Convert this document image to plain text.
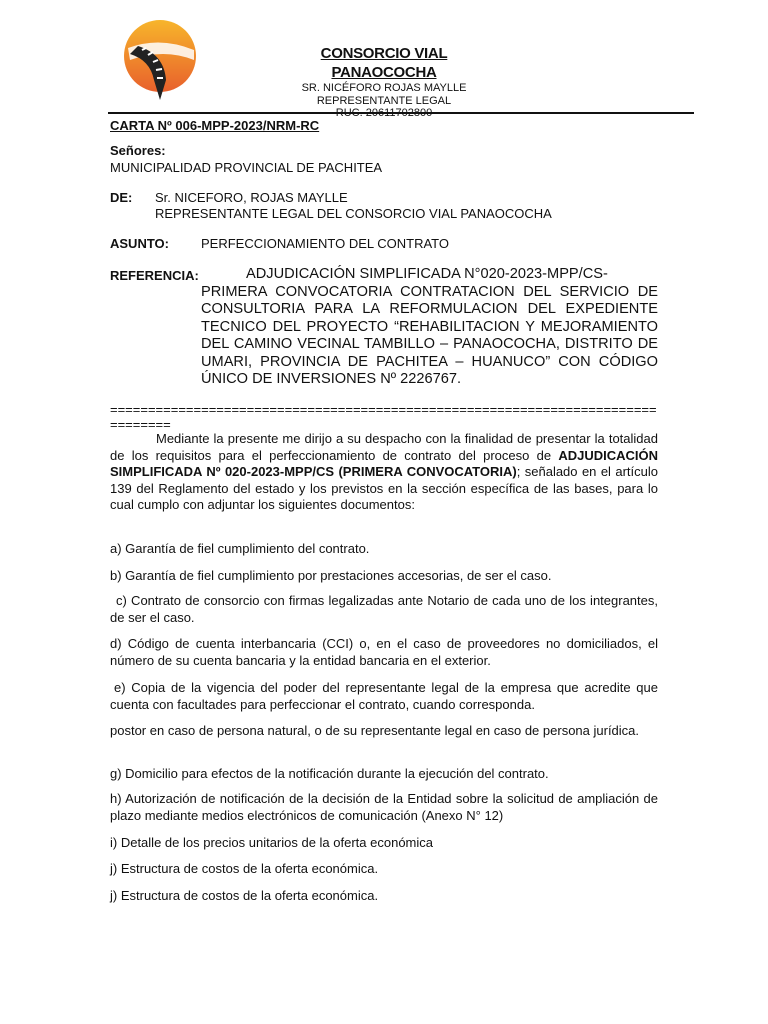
CONSORCIO VIAL PANAOCOCHA
SR. NICÉFORO ROJAS MAYLLE
REPRESENTANTE LEGAL
CARTA Nº 006-MPP-2023/NRM-RC
Señores:
MUNICIPALIDAD PROVINCIAL DE PACHITEA
DE: Sr. NICEFORO, ROJAS MAYLLE
REPRESENTANTE LEGAL DEL CONSORCIO VIAL PANAOCOCHA
ASUNTO: PERFECCIONAMIENTO DEL CONTRATO
REFERENCIA:	ADJUDICACIÓN SIMPLIFICADA N°020-2023-MPP/CS-
PRIMERA CONVOCATORIA CONTRATACION DEL SERVICIO DE CONSULTORIA PARA LA REFORMULACION DEL EXPEDIENTE TECNICO DEL PROYECTO “REHABILITACION Y MEJORAMIENTO DEL CAMINO VECINAL TAMBILLO – PANAOCOCHA, DISTRITO DE UMARI, PROVINCIA DE PACHITEA – HUANUCO” CON CÓDIGO ÚNICO DE INVERSIONES Nº 2226767.
================================================================================
Mediante la presente me dirijo a su despacho con la finalidad de presentar la totalidad de los requisitos para el perfeccionamiento de contrato del proceso de ADJUDICACIÓN SIMPLIFICADA Nº 020-2023-MPP/CS (PRIMERA CONVOCATORIA); señalado en el artículo 139 del Reglamento del estado y los previstos en la sección específica de las bases, para lo cual cumplo con adjuntar los siguientes documentos:
a) Garantía de fiel cumplimiento del contrato.
b) Garantía de fiel cumplimiento por prestaciones accesorias, de ser el caso.
c) Contrato de consorcio con firmas legalizadas ante Notario de cada uno de los integrantes, de ser el caso.
d) Código de cuenta interbancaria (CCI) o, en el caso de proveedores no domiciliados, el número de su cuenta bancaria y la entidad bancaria en el exterior.
e) Copia de la vigencia del poder del representante legal de la empresa que acredite que cuenta con facultades para perfeccionar el contrato, cuando corresponda.
postor en caso de persona natural, o de su representante legal en caso de persona jurídica.
g) Domicilio para efectos de la notificación durante la ejecución del contrato.
h) Autorización de notificación de la decisión de la Entidad sobre la solicitud de ampliación de plazo mediante medios electrónicos de comunicación (Anexo N° 12)
i) Detalle de los precios unitarios de la oferta económica
j) Estructura de costos de la oferta económica.
j) Estructura de costos de la oferta económica.
